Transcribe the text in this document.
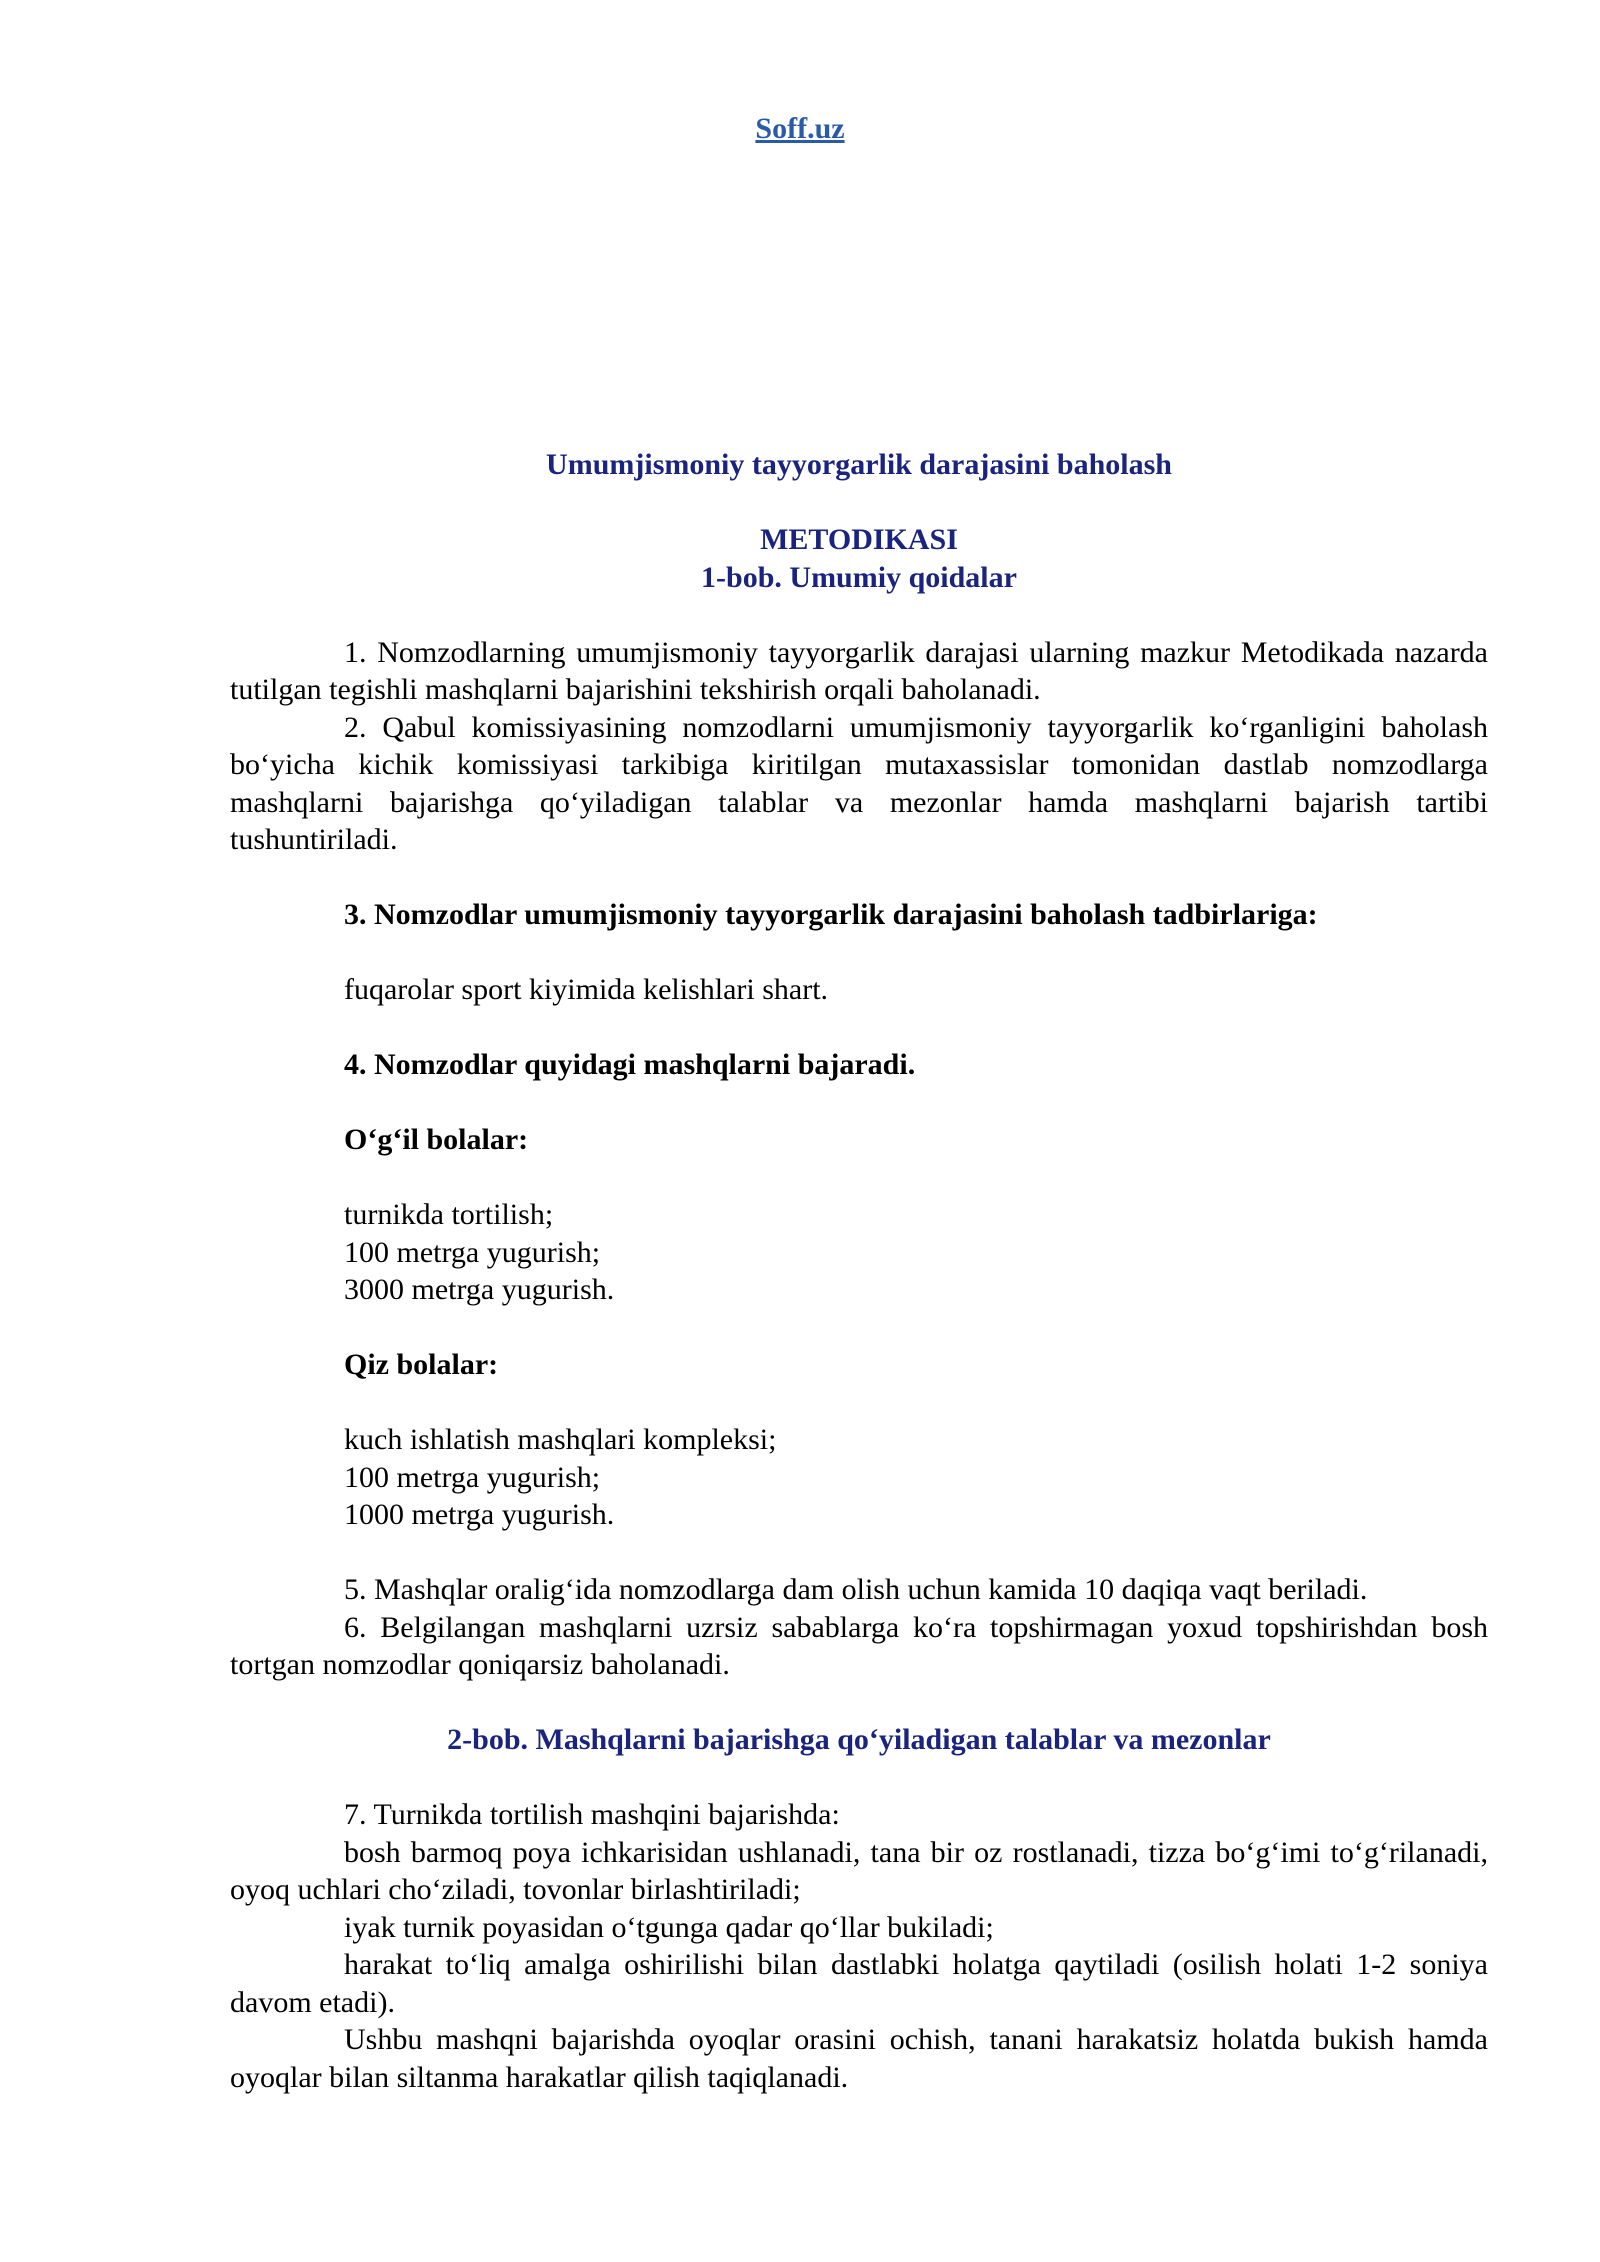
Soff.uz

Umumjismoniy tayyorgarlik darajasini baholash

METODIKASI

1-bob. Umumiy qoidalar

1. Nomzodlarning umumjismoniy tayyorgarlik darajasi ularning mazkur Metodikada nazarda tutilgan tegishli mashqlarni bajarishini tekshirish orqali baholanadi.

2. Qabul komissiyasining nomzodlarni umumjismoniy tayyorgarlik koʻrganligini baholash boʻyicha kichik komissiyasi tarkibiga kiritilgan mutaxassislar tomonidan dastlab nomzodlarga mashqlarni bajarishga qoʻyiladigan talablar va mezonlar hamda mashqlarni bajarish tartibi tushuntiriladi.

3. Nomzodlar umumjismoniy tayyorgarlik darajasini baholash tadbirlariga:

fuqarolar sport kiyimida kelishlari shart.

4. Nomzodlar quyidagi mashqlarni bajaradi.

Oʻgʻil bolalar:

turnikda tortilish;

100 metrga yugurish;

3000 metrga yugurish.

Qiz bolalar:

kuch ishlatish mashqlari kompleksi;

100 metrga yugurish;

1000 metrga yugurish.

5. Mashqlar oraligʻida nomzodlarga dam olish uchun kamida 10 daqiqa vaqt beriladi.

6. Belgilangan mashqlarni uzrsiz sabablarga koʻra topshirmagan yoxud topshirishdan bosh tortgan nomzodlar qoniqarsiz baholanadi.

2-bob. Mashqlarni bajarishga qoʻyiladigan talablar va mezonlar

7. Turnikda tortilish mashqini bajarishda:

bosh barmoq poya ichkarisidan ushlanadi, tana bir oz rostlanadi, tizza boʻgʻimi toʻgʻrilanadi, oyoq uchlari choʻziladi, tovonlar birlashtiriladi;

iyak turnik poyasidan oʻtgunga qadar qoʻllar bukiladi;

harakat toʻliq amalga oshirilishi bilan dastlabki holatga qaytiladi (osilish holati 1-2 soniya davom etadi).

Ushbu mashqni bajarishda oyoqlar orasini ochish, tanani harakatsiz holatda bukish hamda oyoqlar bilan siltanma harakatlar qilish taqiqlanadi.
